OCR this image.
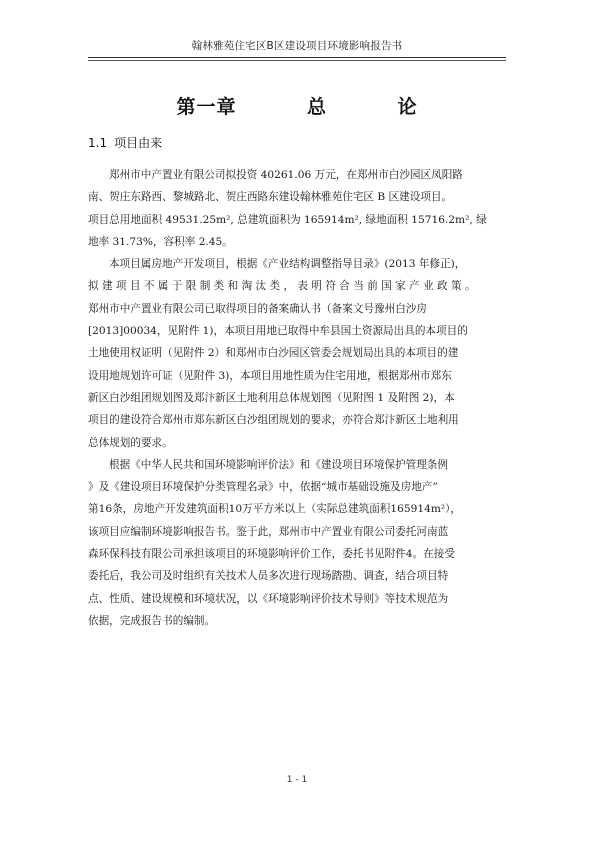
翰林雅苑住宅区B区建设项目环境影响报告书
第一章    总    论
1.1 项目由来
郑州市中产置业有限公司拟投资 40261.06 万元，在郑州市白沙园区凤阳路
南、贺庄东路西、黎城路北、贺庄西路东建设翰林雅苑住宅区 B 区建设项目。
项目总用地面积 49531.25m², 总建筑面积为 165914m², 绿地面积 15716.2m², 绿
地率 31.73%，容积率 2.45。
本项目属房地产开发项目，根据《产业结构调整指导目录》(2013 年修正)，
拟 建 项 目 不 属 于 限 制 类 和 淘 汰 类 ， 表 明 符 合 当 前 国 家 产 业 政 策 。
郑州市中产置业有限公司已取得项目的备案确认书（备案文号豫州白沙房
[2013]00034，见附件 1)，本项目用地已取得中牟县国土资源局出具的本项目的
土地使用权证明（见附件 2）和郑州市白沙园区管委会规划局出具的本项目的建
设用地规划许可证（见附件 3)，本项目用地性质为住宅用地，根据郑州市郑东
新区白沙组团规划图及郑汴新区土地利用总体规划图（见附图 1 及附图 2)，本
项目的建设符合郑州市郑东新区白沙组团规划的要求，亦符合郑汴新区土地利用
总体规划的要求。
根据《中华人民共和国环境影响评价法》和《建设项目环境保护管理条例
》及《建设项目环境保护分类管理名录》中，依据“城市基础设施及房地产”
第16条，房地产开发建筑面积10万平方米以上（实际总建筑面积165914m²），
该项目应编制环境影响报告书。鉴于此，郑州市中产置业有限公司委托河南蓝
森环保科技有限公司承担该项目的环境影响评价工作，委托书见附件4。在接受
委托后，我公司及时组织有关技术人员多次进行现场踏勘、调查，结合项目特
点、性质、建设规模和环境状况，以《环境影响评价技术导则》等技术规范为
依据，完成报告书的编制。
1 - 1
